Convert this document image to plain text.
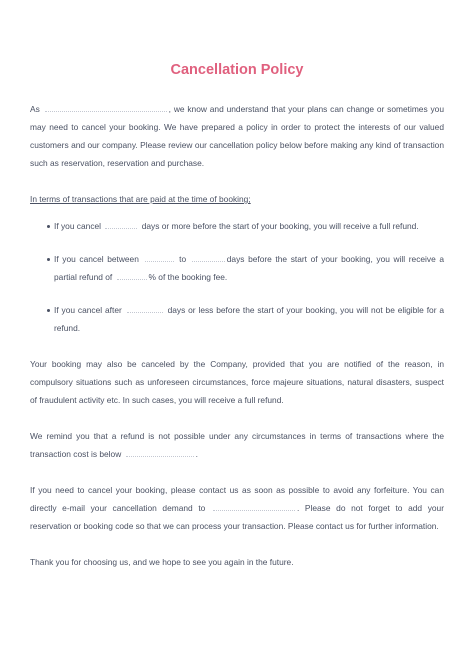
Cancellation Policy

As	, we know and understand that your plans can change or sometimes you may need to cancel your booking. We have prepared a policy in order to protect the interests of our valued customers and our company. Please review our cancellation policy below before making any kind of transaction such as reservation, reservation and purchase.

In terms of transactions that are paid at the time of booking;

If you cancel	days or more before the start of your booking, you will receive a full refund.
If you cancel between	to	days before the start of your booking, you will receive a partial refund of	% of the booking fee.
If you cancel after	days or less before the start of your booking, you will not be eligible for a refund.

Your booking may also be canceled by the Company, provided that you are notified of the reason, in compulsory situations such as unforeseen circumstances, force majeure situations, natural disasters, suspect of fraudulent activity etc. In such cases, you will receive a full refund.

We remind you that a refund is not possible under any circumstances in terms of transactions where the transaction cost is below	.

If you need to cancel your booking, please contact us as soon as possible to avoid any forfeiture. You can directly e-mail your cancellation demand to	. Please do not forget to add your reservation or booking code so that we can process your transaction. Please contact us for further information.

Thank you for choosing us, and we hope to see you again in the future.
